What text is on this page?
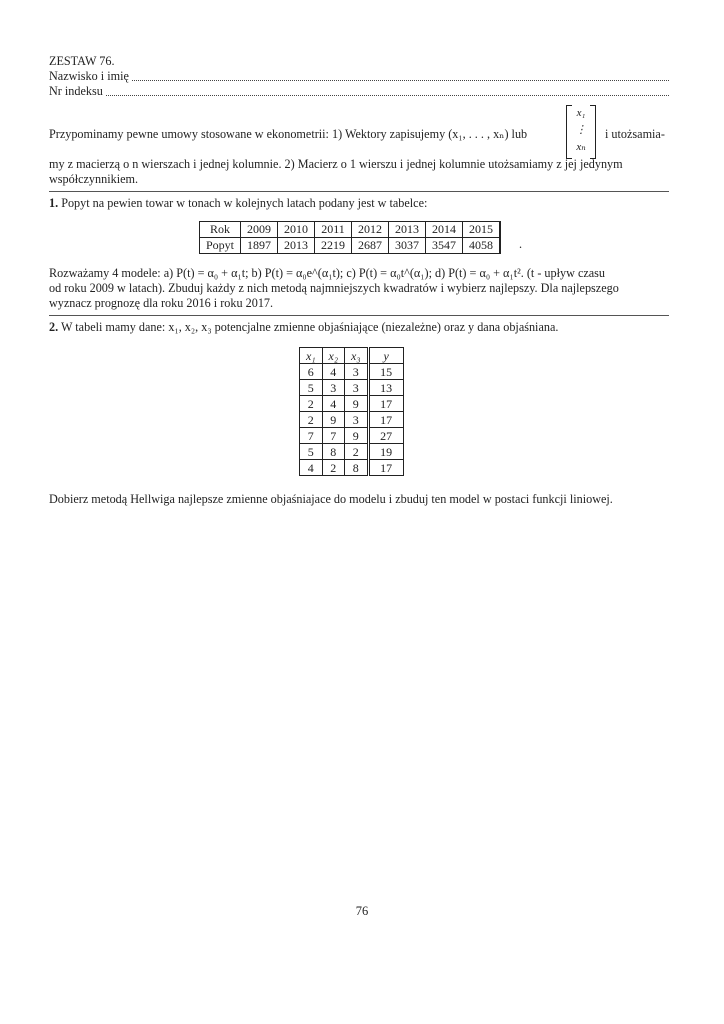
ZESTAW 76.
Nazwisko i imię
Nr indeksu
Przypominamy pewne umowy stosowane w ekonometrii: 1) Wektory zapisujemy (x₁, . . . , xₙ) lub
x₁
⋮
xₙ
i utożsamia-
my z macierzą o n wierszach i jednej kolumnie. 2) Macierz o 1 wierszu i jednej kolumnie utożsamiamy z jej jedynym
współczynnikiem.
1. Popyt na pewien towar w tonach w kolejnych latach podany jest w tabelce:
Rok	2009	2010	2011	2012	2013	2014	2015
Popyt	1897	2013	2219	2687	3037	3547	4058 .
Rozważamy 4 modele: a) P(t) = α₀ + α₁t; b) P(t) = α₀e^(α₁t); c) P(t) = α₀t^(α₁); d) P(t) = α₀ + α₁t². (t - upływ czasu
od roku 2009 w latach). Zbuduj każdy z nich metodą najmniejszych kwadratów i wybierz najlepszy. Dla najlepszego
wyznacz prognozę dla roku 2016 i roku 2017.
2. W tabeli mamy dane: x₁, x₂, x₃ potencjalne zmienne objaśniające (niezależne) oraz y dana objaśniana.
x₁	x₂	x₃	y
6	4	3	15
5	3	3	13
2	4	9	17
2	9	3	17
7	7	9	27
5	8	2	19
4	2	8	17
Dobierz metodą Hellwiga najlepsze zmienne objaśniajace do modelu i zbuduj ten model w postaci funkcji liniowej.
76
